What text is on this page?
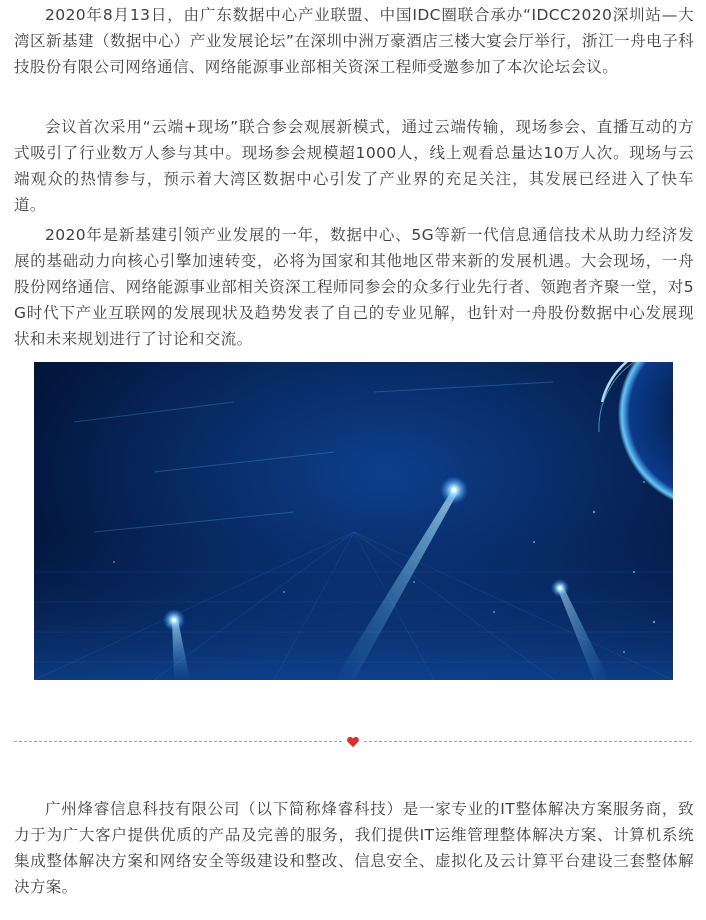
2020年8月13日，由广东数据中心产业联盟、中国IDC圈联合承办“IDCC2020深圳站—大湾区新基建（数据中心）产业发展论坛”在深圳中洲万豪酒店三楼大宴会厅举行，浙江一舟电子科技股份有限公司网络通信、网络能源事业部相关资深工程师受邀参加了本次论坛会议。

会议首次采用“云端+现场”联合参会观展新模式，通过云端传输，现场参会、直播互动的方式吸引了行业数万人参与其中。现场参会规模超1000人，线上观看总量达10万人次。现场与云端观众的热情参与，预示着大湾区数据中心引发了产业界的充足关注，其发展已经进入了快车道。

2020年是新基建引领产业发展的一年，数据中心、5G等新一代信息通信技术从助力经济发展的基础动力向核心引擎加速转变，必将为国家和其他地区带来新的发展机遇。大会现场，一舟股份网络通信、网络能源事业部相关资深工程师同参会的众多行业先行者、领跑者齐聚一堂，对5G时代下产业互联网的发展现状及趋势发表了自己的专业见解，也针对一舟股份数据中心发展现状和未来规划进行了讨论和交流。

广州烽睿信息科技有限公司（以下简称烽睿科技）是一家专业的IT整体解决方案服务商，致力于为广大客户提供优质的产品及完善的服务，我们提供IT运维管理整体解决方案、计算机系统集成整体解决方案和网络安全等级建设和整改、信息安全、虚拟化及云计算平台建设三套整体解决方案。
